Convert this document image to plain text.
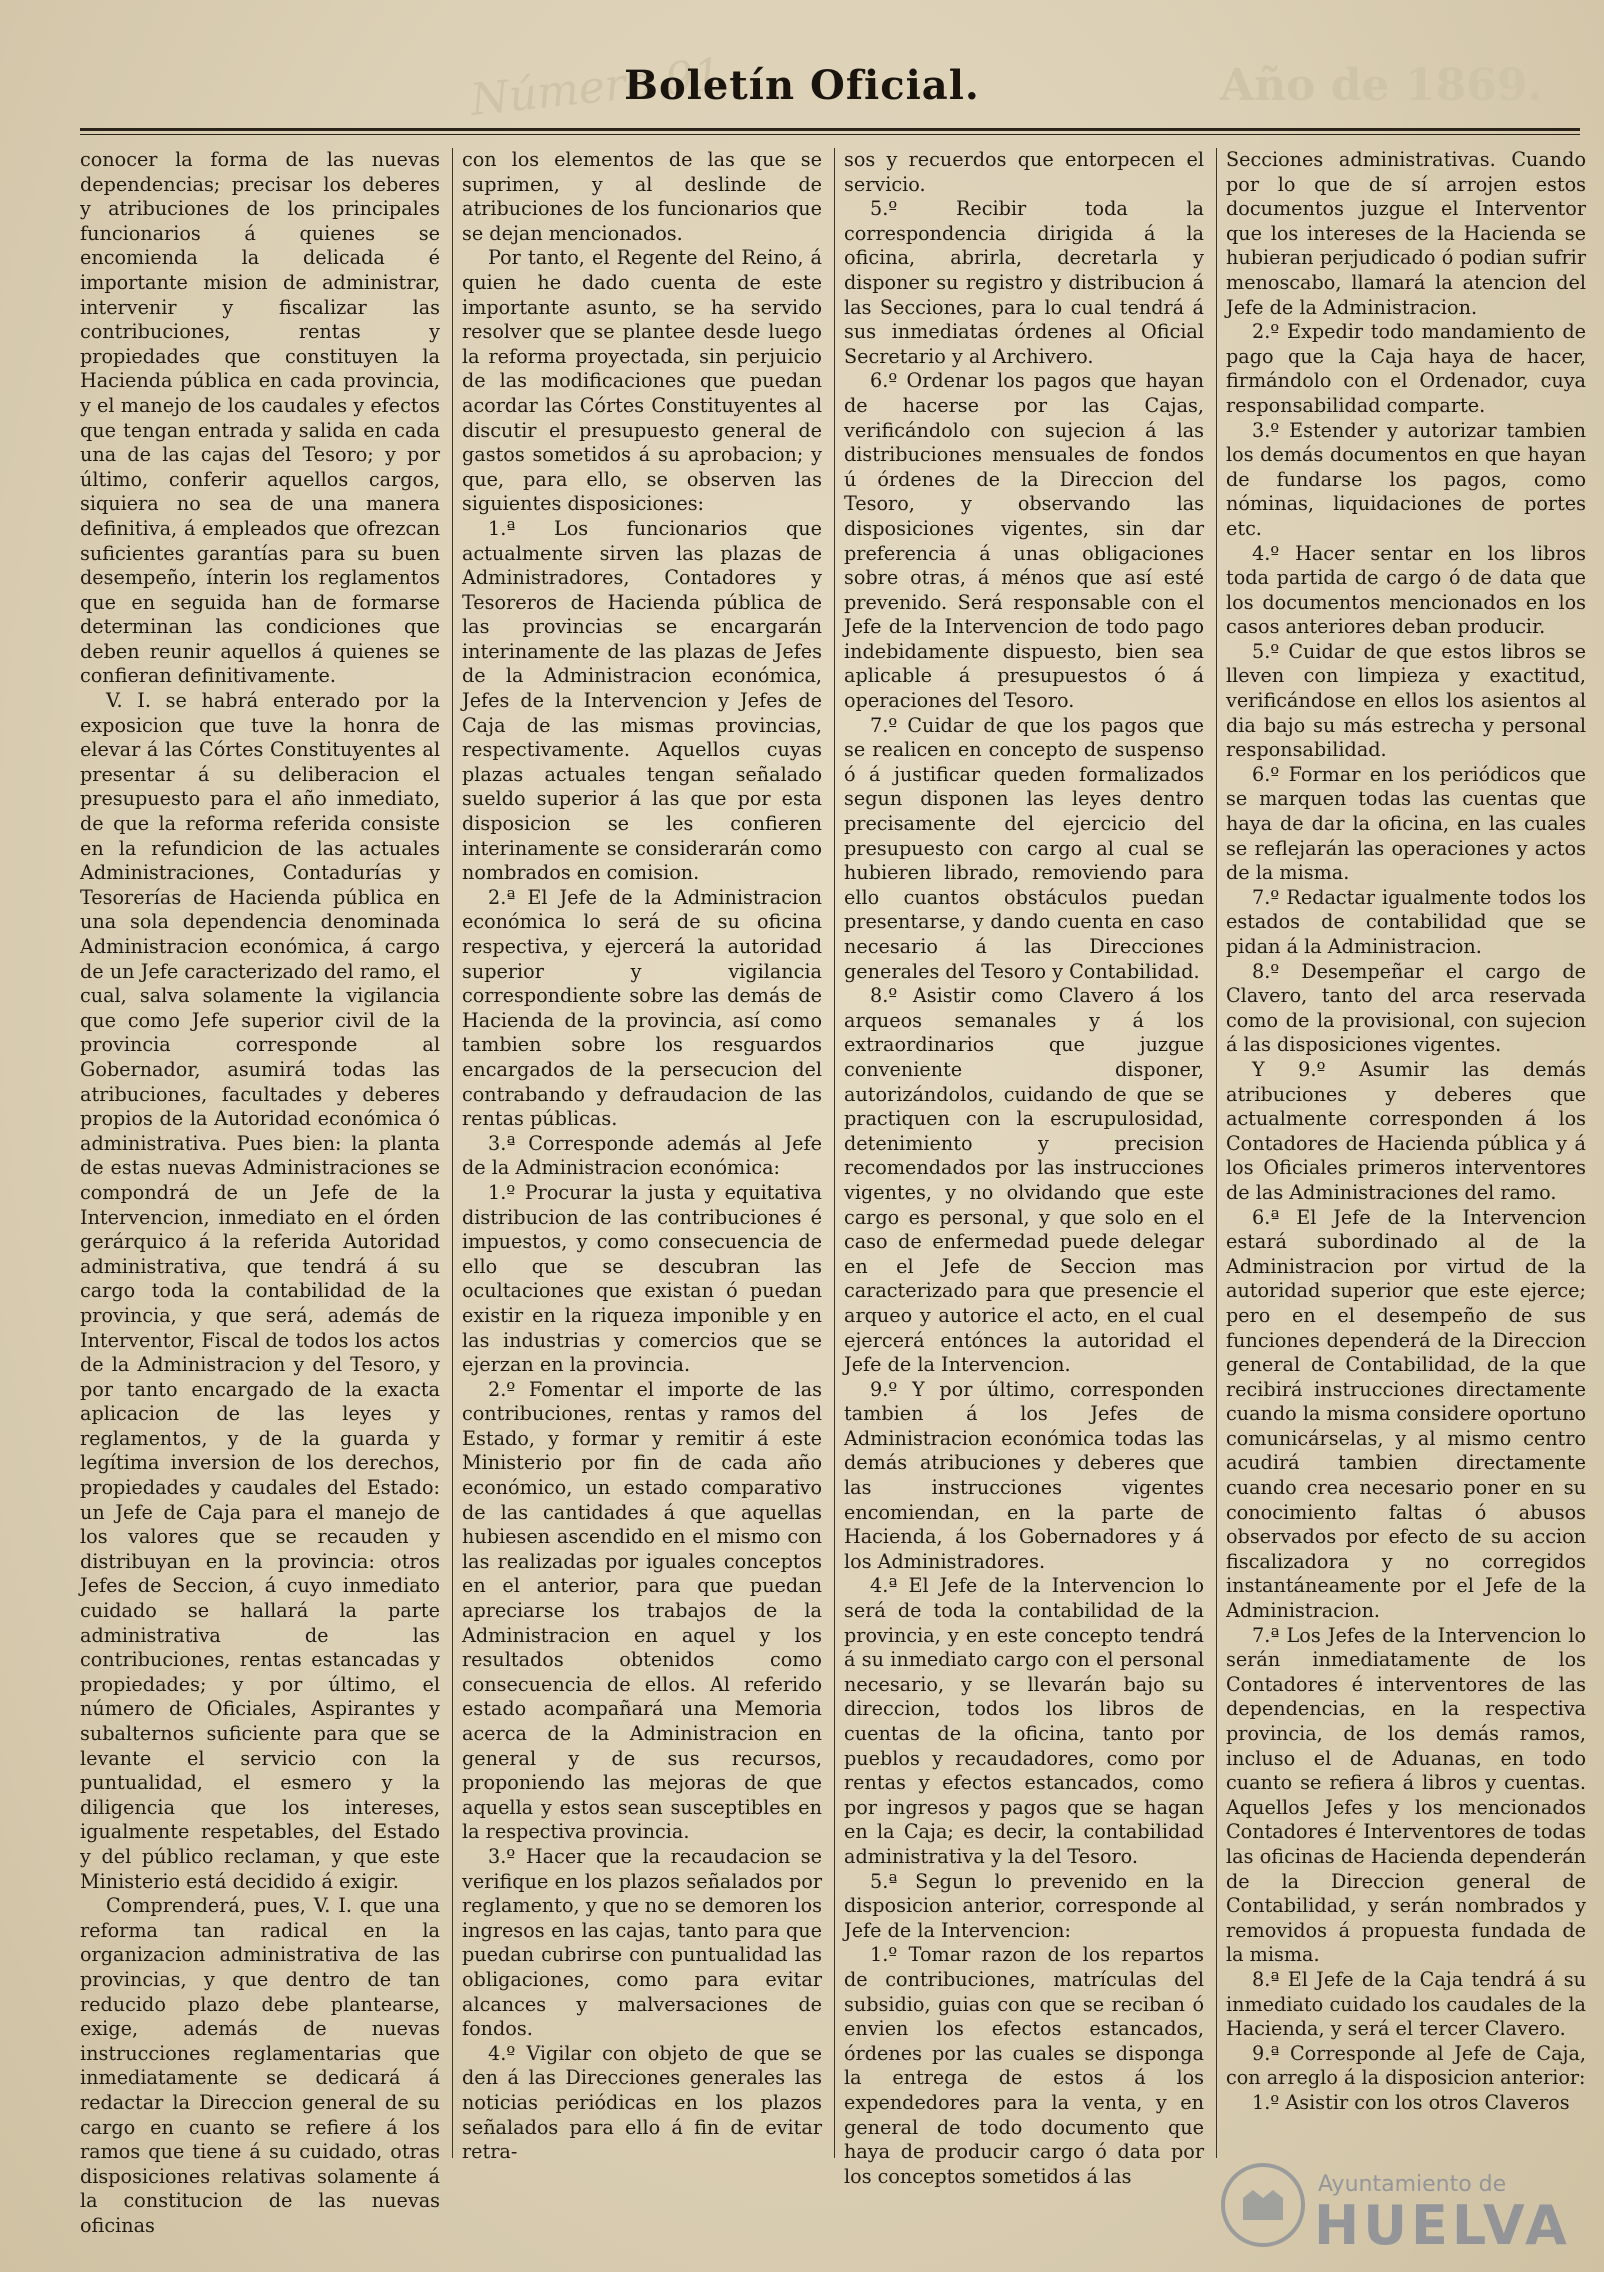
Número 91
Boletín Oficial.	Año de 1869.

conocer la forma de las nuevas dependencias; precisar los deberes y atribuciones de los principales funcionarios á quienes se encomienda la delicada é importante mision de administrar, intervenir y fiscalizar las contribuciones, rentas y propiedades que constituyen la Hacienda pública en cada provincia, y el manejo de los caudales y efectos que tengan entrada y salida en cada una de las cajas del Tesoro; y por último, conferir aquellos cargos, siquiera no sea de una manera definitiva, á empleados que ofrezcan suficientes garantías para su buen desempeño, ínterin los reglamentos que en seguida han de formarse determinan las condiciones que deben reunir aquellos á quienes se confieran definitivamente.

V. I. se habrá enterado por la exposicion que tuve la honra de elevar á las Córtes Constituyentes al presentar á su deliberacion el presupuesto para el año inmediato, de que la reforma referida consiste en la refundicion de las actuales Administraciones, Contadurías y Tesorerías de Hacienda pública en una sola dependencia denominada Administracion económica, á cargo de un Jefe caracterizado del ramo, el cual, salva solamente la vigilancia que como Jefe superior civil de la provincia corresponde al Gobernador, asumirá todas las atribuciones, facultades y deberes propios de la Autoridad económica ó administrativa. Pues bien: la planta de estas nuevas Administraciones se compondrá de un Jefe de la Intervencion, inmediato en el órden gerárquico á la referida Autoridad administrativa, que tendrá á su cargo toda la contabilidad de la provincia, y que será, además de Interventor, Fiscal de todos los actos de la Administracion y del Tesoro, y por tanto encargado de la exacta aplicacion de las leyes y reglamentos, y de la guarda y legítima inversion de los derechos, propiedades y caudales del Estado: un Jefe de Caja para el manejo de los valores que se recauden y distribuyan en la provincia: otros Jefes de Seccion, á cuyo inmediato cuidado se hallará la parte administrativa de las contribuciones, rentas estancadas y propiedades; y por último, el número de Oficiales, Aspirantes y subalternos suficiente para que se levante el servicio con la puntualidad, el esmero y la diligencia que los intereses, igualmente respetables, del Estado y del público reclaman, y que este Ministerio está decidido á exigir.

Comprenderá, pues, V. I. que una reforma tan radical en la organizacion administrativa de las provincias, y que dentro de tan reducido plazo debe plantearse, exige, además de nuevas instrucciones reglamentarias que inmediatamente se dedicará á redactar la Direccion general de su cargo en cuanto se refiere á los ramos que tiene á su cuidado, otras disposiciones relativas solamente á la constitucion de las nuevas oficinas

con los elementos de las que se suprimen, y al deslinde de atribuciones de los funcionarios que se dejan mencionados.

Por tanto, el Regente del Reino, á quien he dado cuenta de este importante asunto, se ha servido resolver que se plantee desde luego la reforma proyectada, sin perjuicio de las modificaciones que puedan acordar las Córtes Constituyentes al discutir el presupuesto general de gastos sometidos á su aprobacion; y que, para ello, se observen las siguientes disposiciones:

1.ª Los funcionarios que actualmente sirven las plazas de Administradores, Contadores y Tesoreros de Hacienda pública de las provincias se encargarán interinamente de las plazas de Jefes de la Administracion económica, Jefes de la Intervencion y Jefes de Caja de las mismas provincias, respectivamente. Aquellos cuyas plazas actuales tengan señalado sueldo superior á las que por esta disposicion se les confieren interinamente se considerarán como nombrados en comision.

2.ª El Jefe de la Administracion económica lo será de su oficina respectiva, y ejercerá la autoridad superior y vigilancia correspondiente sobre las demás de Hacienda de la provincia, así como tambien sobre los resguardos encargados de la persecucion del contrabando y defraudacion de las rentas públicas.

3.ª Corresponde además al Jefe de la Administracion económica:

1.º Procurar la justa y equitativa distribucion de las contribuciones é impuestos, y como consecuencia de ello que se descubran las ocultaciones que existan ó puedan existir en la riqueza imponible y en las industrias y comercios que se ejerzan en la provincia.

2.º Fomentar el importe de las contribuciones, rentas y ramos del Estado, y formar y remitir á este Ministerio por fin de cada año económico, un estado comparativo de las cantidades á que aquellas hubiesen ascendido en el mismo con las realizadas por iguales conceptos en el anterior, para que puedan apreciarse los trabajos de la Administracion en aquel y los resultados obtenidos como consecuencia de ellos. Al referido estado acompañará una Memoria acerca de la Administracion en general y de sus recursos, proponiendo las mejoras de que aquella y estos sean susceptibles en la respectiva provincia.

3.º Hacer que la recaudacion se verifique en los plazos señalados por reglamento, y que no se demoren los ingresos en las cajas, tanto para que puedan cubrirse con puntualidad las obligaciones, como para evitar alcances y malversaciones de fondos.

4.º Vigilar con objeto de que se den á las Direcciones generales las noticias periódicas en los plazos señalados para ello á fin de evitar retra-

sos y recuerdos que entorpecen el servicio.

5.º Recibir toda la correspondencia dirigida á la oficina, abrirla, decretarla y disponer su registro y distribucion á las Secciones, para lo cual tendrá á sus inmediatas órdenes al Oficial Secretario y al Archivero.

6.º Ordenar los pagos que hayan de hacerse por las Cajas, verificándolo con sujecion á las distribuciones mensuales de fondos ú órdenes de la Direccion del Tesoro, y observando las disposiciones vigentes, sin dar preferencia á unas obligaciones sobre otras, á ménos que así esté prevenido. Será responsable con el Jefe de la Intervencion de todo pago indebidamente dispuesto, bien sea aplicable á presupuestos ó á operaciones del Tesoro.

7.º Cuidar de que los pagos que se realicen en concepto de suspenso ó á justificar queden formalizados segun disponen las leyes dentro precisamente del ejercicio del presupuesto con cargo al cual se hubieren librado, removiendo para ello cuantos obstáculos puedan presentarse, y dando cuenta en caso necesario á las Direcciones generales del Tesoro y Contabilidad.

8.º Asistir como Clavero á los arqueos semanales y á los extraordinarios que juzgue conveniente disponer, autorizándolos, cuidando de que se practiquen con la escrupulosidad, detenimiento y precision recomendados por las instrucciones vigentes, y no olvidando que este cargo es personal, y que solo en el caso de enfermedad puede delegar en el Jefe de Seccion mas caracterizado para que presencie el arqueo y autorice el acto, en el cual ejercerá entónces la autoridad el Jefe de la Intervencion.

9.º Y por último, corresponden tambien á los Jefes de Administracion económica todas las demás atribuciones y deberes que las instrucciones vigentes encomiendan, en la parte de Hacienda, á los Gobernadores y á los Administradores.

4.ª El Jefe de la Intervencion lo será de toda la contabilidad de la provincia, y en este concepto tendrá á su inmediato cargo con el personal necesario, y se llevarán bajo su direccion, todos los libros de cuentas de la oficina, tanto por pueblos y recaudadores, como por rentas y efectos estancados, como por ingresos y pagos que se hagan en la Caja; es decir, la contabilidad administrativa y la del Tesoro.

5.ª Segun lo prevenido en la disposicion anterior, corresponde al Jefe de la Intervencion:

1.º Tomar razon de los repartos de contribuciones, matrículas del subsidio, guias con que se reciban ó envien los efectos estancados, órdenes por las cuales se disponga la entrega de estos á los expendedores para la venta, y en general de todo documento que haya de producir cargo ó data por los conceptos sometidos á las

Secciones administrativas. Cuando por lo que de sí arrojen estos documentos juzgue el Interventor que los intereses de la Hacienda se hubieran perjudicado ó podian sufrir menoscabo, llamará la atencion del Jefe de la Administracion.

2.º Expedir todo mandamiento de pago que la Caja haya de hacer, firmándolo con el Ordenador, cuya responsabilidad comparte.

3.º Estender y autorizar tambien los demás documentos en que hayan de fundarse los pagos, como nóminas, liquidaciones de portes etc.

4.º Hacer sentar en los libros toda partida de cargo ó de data que los documentos mencionados en los casos anteriores deban producir.

5.º Cuidar de que estos libros se lleven con limpieza y exactitud, verificándose en ellos los asientos al dia bajo su más estrecha y personal responsabilidad.

6.º Formar en los periódicos que se marquen todas las cuentas que haya de dar la oficina, en las cuales se reflejarán las operaciones y actos de la misma.

7.º Redactar igualmente todos los estados de contabilidad que se pidan á la Administracion.

8.º Desempeñar el cargo de Clavero, tanto del arca reservada como de la provisional, con sujecion á las disposiciones vigentes.

Y 9.º Asumir las demás atribuciones y deberes que actualmente corresponden á los Contadores de Hacienda pública y á los Oficiales primeros interventores de las Administraciones del ramo.

6.ª El Jefe de la Intervencion estará subordinado al de la Administracion por virtud de la autoridad superior que este ejerce; pero en el desempeño de sus funciones dependerá de la Direccion general de Contabilidad, de la que recibirá instrucciones directamente cuando la misma considere oportuno comunicárselas, y al mismo centro acudirá tambien directamente cuando crea necesario poner en su conocimiento faltas ó abusos observados por efecto de su accion fiscalizadora y no corregidos instantáneamente por el Jefe de la Administracion.

7.ª Los Jefes de la Intervencion lo serán inmediatamente de los Contadores é interventores de las dependencias, en la respectiva provincia, de los demás ramos, incluso el de Aduanas, en todo cuanto se refiera á libros y cuentas. Aquellos Jefes y los mencionados Contadores é Interventores de todas las oficinas de Hacienda dependerán de la Direccion general de Contabilidad, y serán nombrados y removidos á propuesta fundada de la misma.

8.ª El Jefe de la Caja tendrá á su inmediato cuidado los caudales de la Hacienda, y será el tercer Clavero.

9.ª Corresponde al Jefe de Caja, con arreglo á la disposicion anterior:

1.º Asistir con los otros Claveros

Ayuntamiento de
HUELVA
